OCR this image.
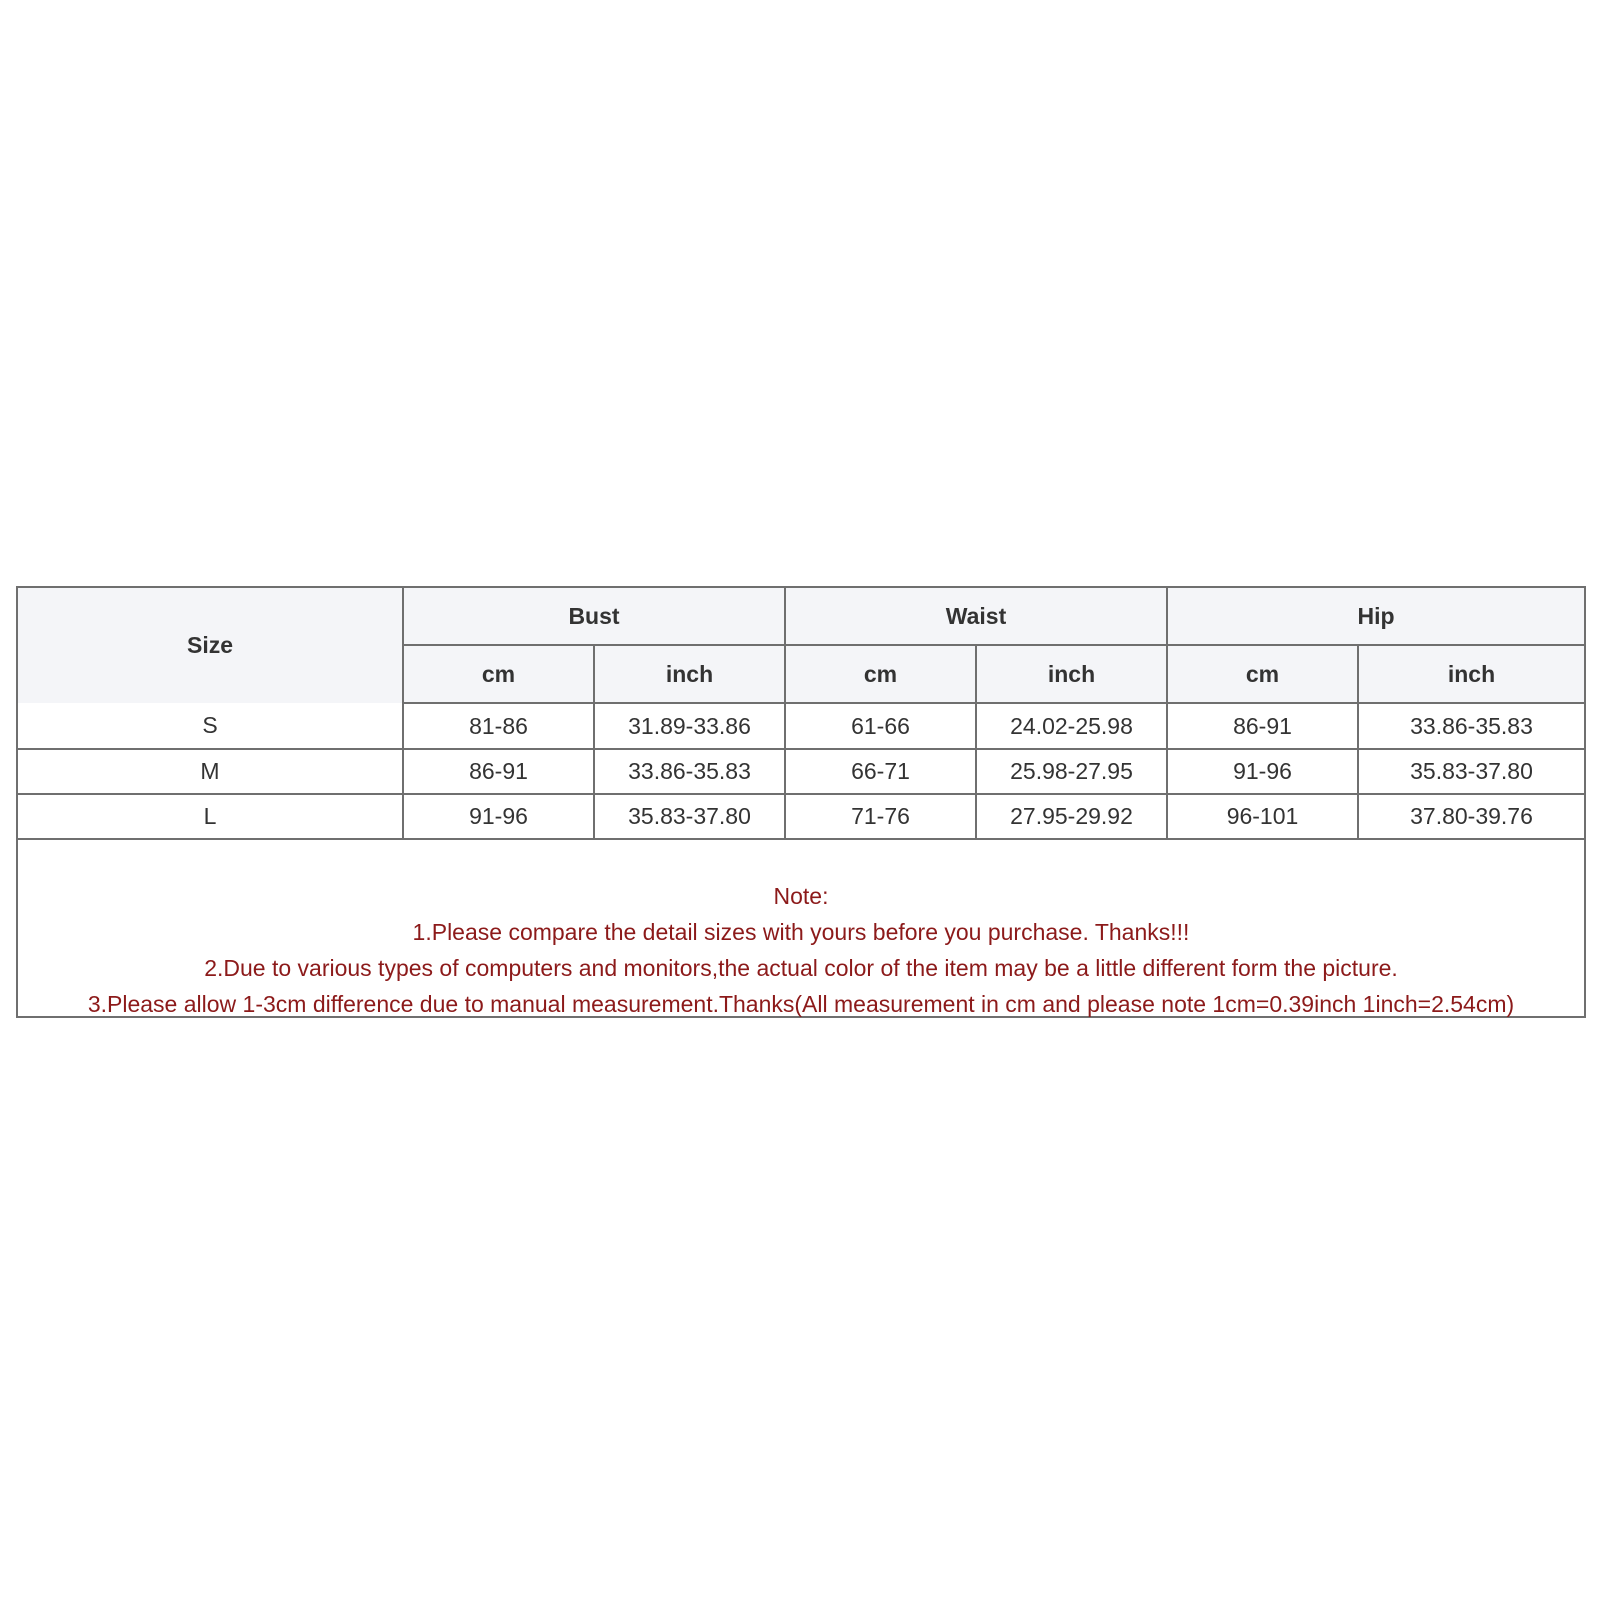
Size	Bust		Waist		Hip	
	cm	inch	cm	inch	cm	inch
S	81-86	31.89-33.86	61-66	24.02-25.98	86-91	33.86-35.83
M	86-91	33.86-35.83	66-71	25.98-27.95	91-96	35.83-37.80
L	91-96	35.83-37.80	71-76	27.95-29.92	96-101	37.80-39.76
Note:
1.Please compare the detail sizes with yours before you purchase. Thanks!!!
2.Due to various types of computers and monitors,the actual color of the item may be a little different form the picture.
3.Please allow 1-3cm difference due to manual measurement.Thanks(All measurement in cm and please note 1cm=0.39inch 1inch=2.54cm)
